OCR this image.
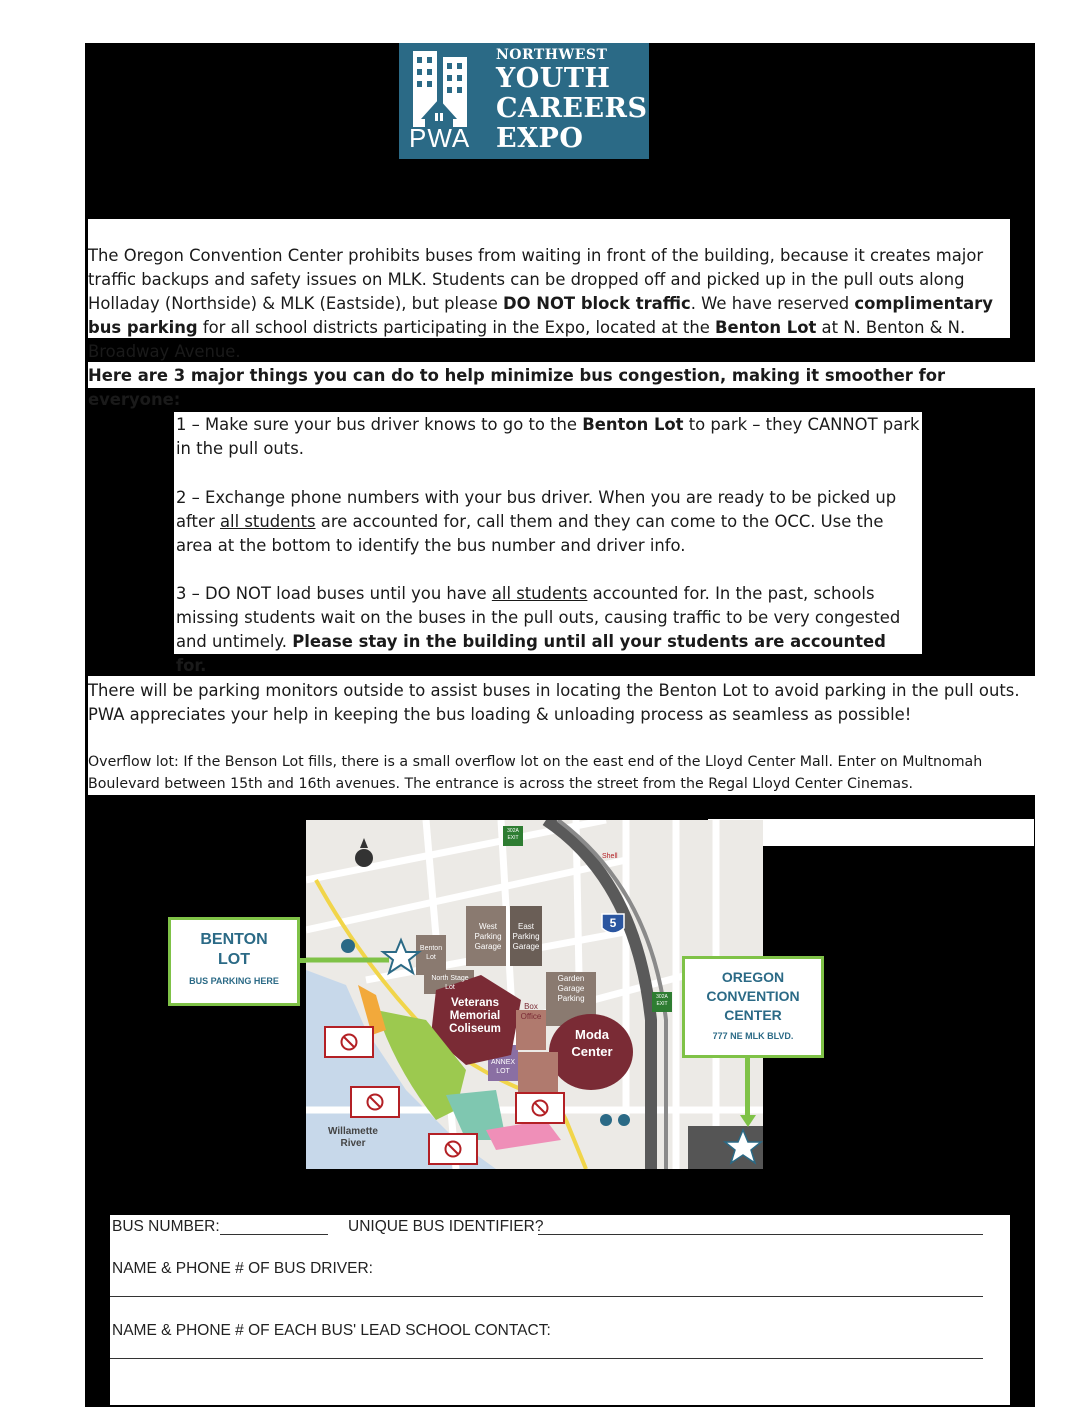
PWA
NORTHWEST
YOUTH
CAREERS
EXPO

The Oregon Convention Center prohibits buses from waiting in front of the building, because it creates major traffic backups and safety issues on MLK. Students can be dropped off and picked up in the pull outs along Holladay (Northside) & MLK (Eastside), but please DO NOT block traffic. We have reserved complimentary bus parking for all school districts participating in the Expo, located at the Benton Lot at N. Benton & N. Broadway Avenue.

Here are 3 major things you can do to help minimize bus congestion, making it smoother for everyone:

1 – Make sure your bus driver knows to go to the Benton Lot to park – they CANNOT park in the pull outs.

2 – Exchange phone numbers with your bus driver. When you are ready to be picked up after all students are accounted for, call them and they can come to the OCC. Use the area at the bottom to identify the bus number and driver info.

3 – DO NOT load buses until you have all students accounted for. In the past, schools missing students wait on the buses in the pull outs, causing traffic to be very congested and untimely. Please stay in the building until all your students are accounted for.

There will be parking monitors outside to assist buses in locating the Benton Lot to avoid parking in the pull outs. PWA appreciates your help in keeping the bus loading & unloading process as seamless as possible!

Overflow lot: If the Benson Lot fills, there is a small overflow lot on the east end of the Lloyd Center Mall. Enter on Multnomah Boulevard between 15th and 16th avenues. The entrance is across the street from the Regal Lloyd Center Cinemas.

Veterans
Memorial
Coliseum	Moda
Center
West
Parking Garage
East
Parking Garage
Garden
Garage
Parking
Benton
Lot
North Stage
Lot
ANNEX
LOT
Box
Office
Willamette
River
5
302A EXIT
302A EXIT
Shell
BENTON
LOT
BUS PARKING HERE	OREGON
CONVENTION
CENTER
777 NE MLK BLVD.
BUS NUMBER:	UNIQUE BUS IDENTIFIER?
NAME & PHONE # OF BUS DRIVER:
NAME & PHONE # OF EACH BUS' LEAD SCHOOL CONTACT:
